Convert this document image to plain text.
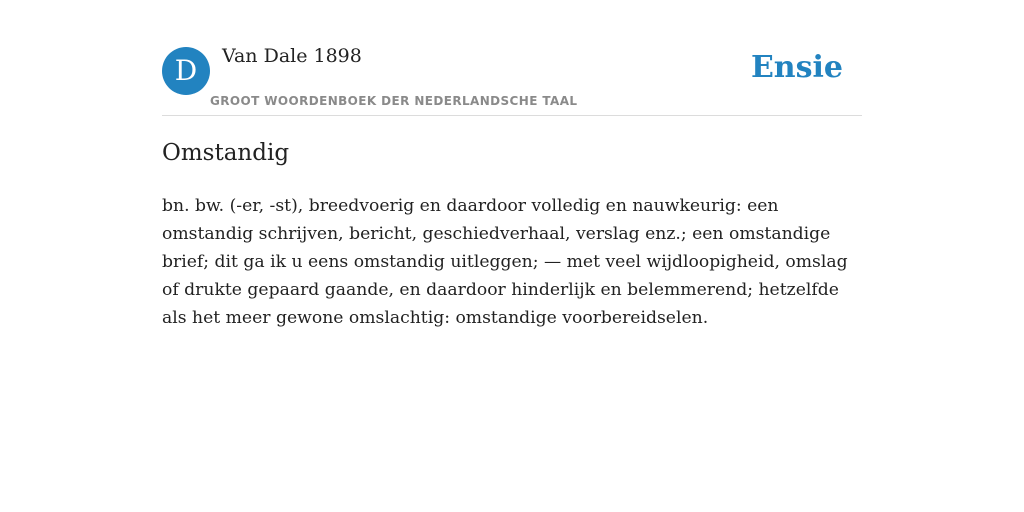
D	Van Dale 1898
GROOT WOORDENBOEK DER NEDERLANDSCHE TAAL
Ensie
Omstandig

bn. bw. (-er, -st), breedvoerig en daardoor volledig en nauwkeurig: een omstandig schrijven, bericht, geschiedverhaal, verslag enz.; een omstandige brief; dit ga ik u eens omstandig uitleggen; — met veel wijdloopigheid, omslag of drukte gepaard gaande, en daardoor hinderlijk en belemmerend; hetzelfde als het meer gewone omslachtig: omstandige voorbereidselen.
